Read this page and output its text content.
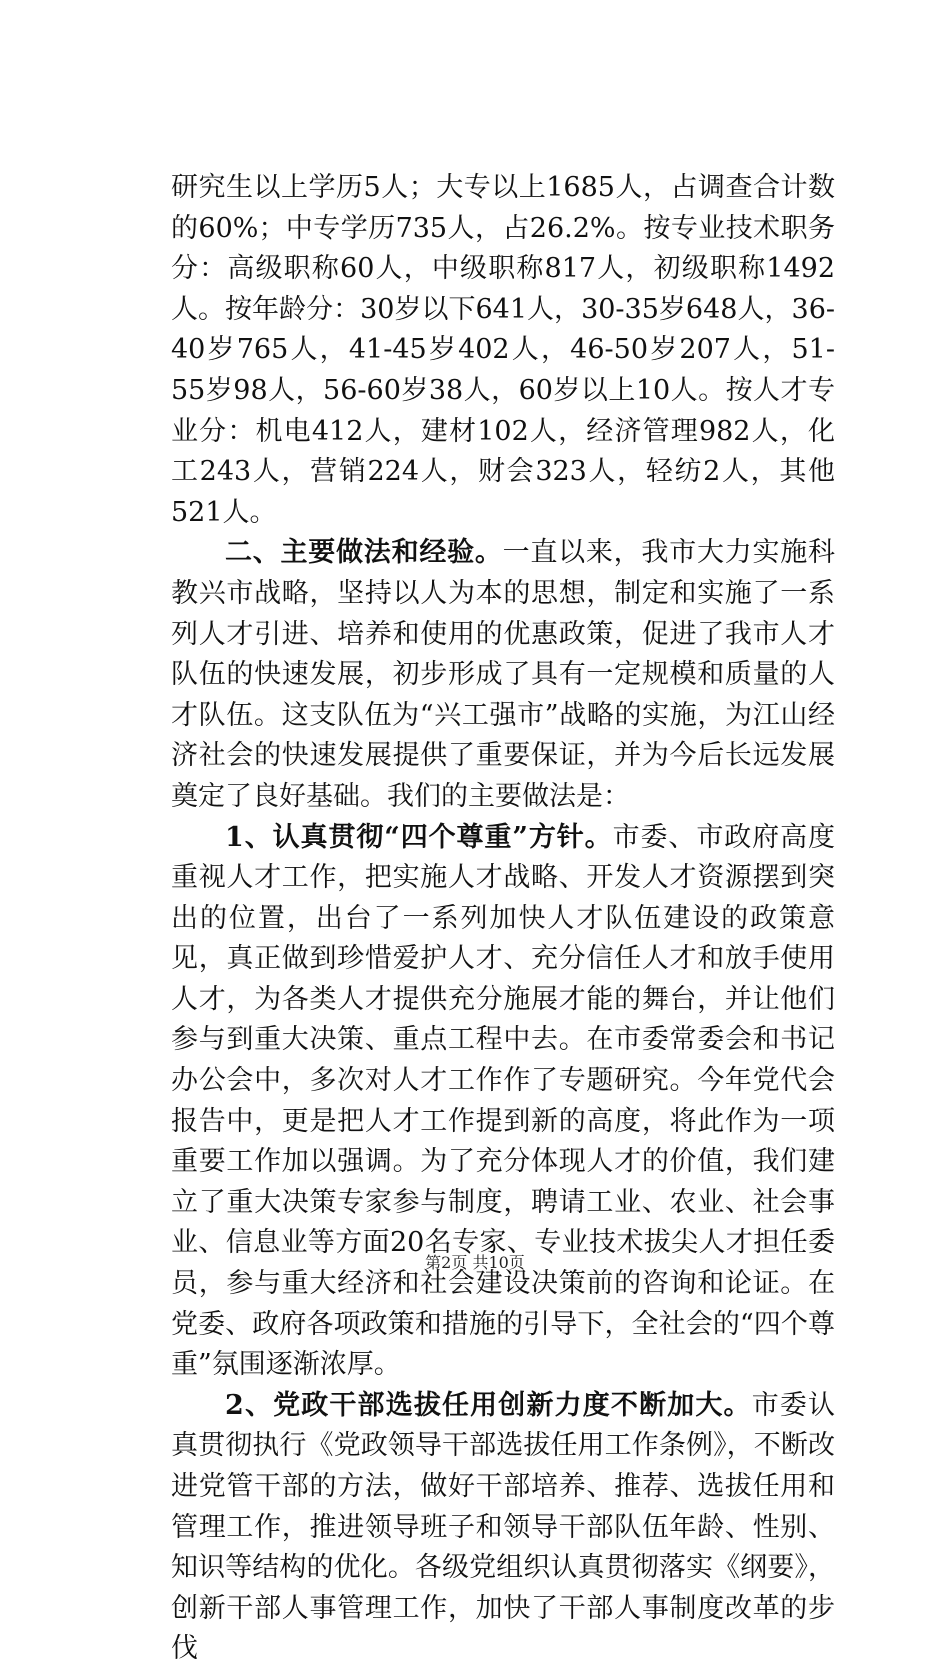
研究生以上学历5人；大专以上1685人，占调查合计数的60%；中专学历735人，占26.2%。按专业技术职务分：高级职称60人，中级职称817人，初级职称1492人。按年龄分：30岁以下641人，30-35岁648人，36-40岁765人，41-45岁402人，46-50岁207人，51-55岁98人，56-60岁38人，60岁以上10人。按人才专业分：机电412人，建材102人，经济管理982人，化工243人，营销224人，财会323人，轻纺2人，其他521人。

二、主要做法和经验。一直以来，我市大力实施科教兴市战略，坚持以人为本的思想，制定和实施了一系列人才引进、培养和使用的优惠政策，促进了我市人才队伍的快速发展，初步形成了具有一定规模和质量的人才队伍。这支队伍为“兴工强市”战略的实施，为江山经济社会的快速发展提供了重要保证，并为今后长远发展奠定了良好基础。我们的主要做法是：

1、认真贯彻“四个尊重”方针。市委、市政府高度重视人才工作，把实施人才战略、开发人才资源摆到突出的位置，出台了一系列加快人才队伍建设的政策意见，真正做到珍惜爱护人才、充分信任人才和放手使用人才，为各类人才提供充分施展才能的舞台，并让他们参与到重大决策、重点工程中去。在市委常委会和书记办公会中，多次对人才工作作了专题研究。今年党代会报告中，更是把人才工作提到新的高度，将此作为一项重要工作加以强调。为了充分体现人才的价值，我们建立了重大决策专家参与制度，聘请工业、农业、社会事业、信息业等方面20名专家、专业技术拔尖人才担任委员，参与重大经济和社会建设决策前的咨询和论证。在党委、政府各项政策和措施的引导下，全社会的“四个尊重”氛围逐渐浓厚。

2、党政干部选拔任用创新力度不断加大。市委认真贯彻执行《党政领导干部选拔任用工作条例》，不断改进党管干部的方法，做好干部培养、推荐、选拔任用和管理工作，推进领导班子和领导干部队伍年龄、性别、知识等结构的优化。各级党组织认真贯彻落实《纲要》，创新干部人事管理工作，加快了干部人事制度改革的步伐

第2页 共10页
